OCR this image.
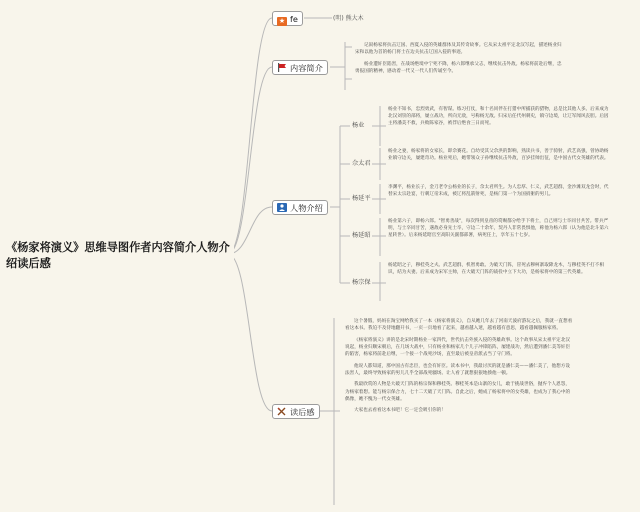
《杨家将演义》思维导图作者内容简介人物介绍读后感
★ fe	(明) 熊大木
内容简介

记叙杨家将抗击辽国、西夏入侵的英雄群体及其传奇故事。它从宋太祖平定北汉写起，描述杨业归宋和以他为首的杨门将士在边关抗击辽国入侵的事迹。

杨业遭奸臣陷害，在战场绝境中宁死不降，杨六郎继承父志，继续抗击外敌。杨家将前赴后继，忠勇报国的精神，感动着一代又一代人们传诵至今。

人物介绍
杨业

杨业不知书，忠烈勇武，有智谋。练习打仗，和十名同伴在打猎中所捕获的猎物，总是比其他人多。后来成为北汉刘崇的部将，屡立战功，所向无敌，号称杨无敌。归宋后任代州刺史，镇守边境，让辽军闻风丧胆。后因主将潘美不救，兵败陈家谷，被俘后绝食三日而死。

佘太君

杨业之妻，杨家将的女家长，即佘赛花。自幼受其父佘洪的影响，熟读兵书，善于骑射，武艺高强，曾协助杨业镇守边关，屡建奇功。杨业死后，她带领众子孙继续抗击外敌，百岁挂帅出征，是中国古代女英雄的代表。

杨延平

李渊平，杨业长子，金刀老令公杨业的长子，佘太君所生。为人忠厚、仁义，武艺超群，金沙滩双龙会时，代替宋太宗赴宴，行刺辽帝未成，被辽将乱箭射死，是杨门第一个为国捐躯的男儿。

杨延昭

杨业第六子，即杨六郎。"智勇善战"，每次得到皇帝的赏赐都分给手下将士，自己则与士卒同甘共苦。带兵严明，与士卒同甘苦，遇敌必身先士卒，守边二十余年，契丹人非常畏惧他，称他为杨六郎（认为他是北斗第六星转世）。后来杨延昭官至高阳关副都部署，病死任上，享年五十七岁。

杨宗保

杨延昭之子，穆桂英之夫。武艺超群，机智勇敢。为破天门阵，冒死去穆柯寨取降龙木，与穆桂英不打不相识，结为夫妻。后来成为宋军主帅，在大破天门阵的战役中立下大功，是杨家将中的第三代英雄。

读后感

这个暑假，妈妈在淘宝网给我买了一本《杨家将演义》，自从她几年去了河南天波府游玩之后，我就一直想看看这本书。我迫不及待地翻开书，一页一页地看了起来，越看越入迷，越看越有意思，越看越佩服杨家将。

《杨家将演义》讲的是北宋时期杨业一家四代，世代抗击外族入侵的英雄故事。这个故事从宋太祖平定北汉说起，杨业归顺宋朝后，在几场大战中，只有杨业和杨家几个儿子冲锋陷阵，屡建战功，然后遭到潘仁美等奸臣的陷害，杨家将前赴后继，一个接一个战死沙场，直至最后被皇帝派去当了守门将。

他说人都知道，那中国古有忠臣，也会有奸臣。读本书中，我最讨厌的就是潘仁美——潘仁美了，他想方设法害人，最终导致杨家的男儿几乎全部战死疆场。让人看了就想狠狠地揍他一顿。

我最欣赏的人物是大破天门阵的杨宗保和穆桂英。穆桂英本是山寨的女儿，敢于挑战世俗，抛弃个人恩怨，为杨家着想。能与杨宗保合力，七十二天破了天门阵。自此之后，她成了杨家将中的女英雄，也成为了我心中的偶像，她不愧为一代女英雄。

大家也去看看这本书吧！它一定会吸引你的！
